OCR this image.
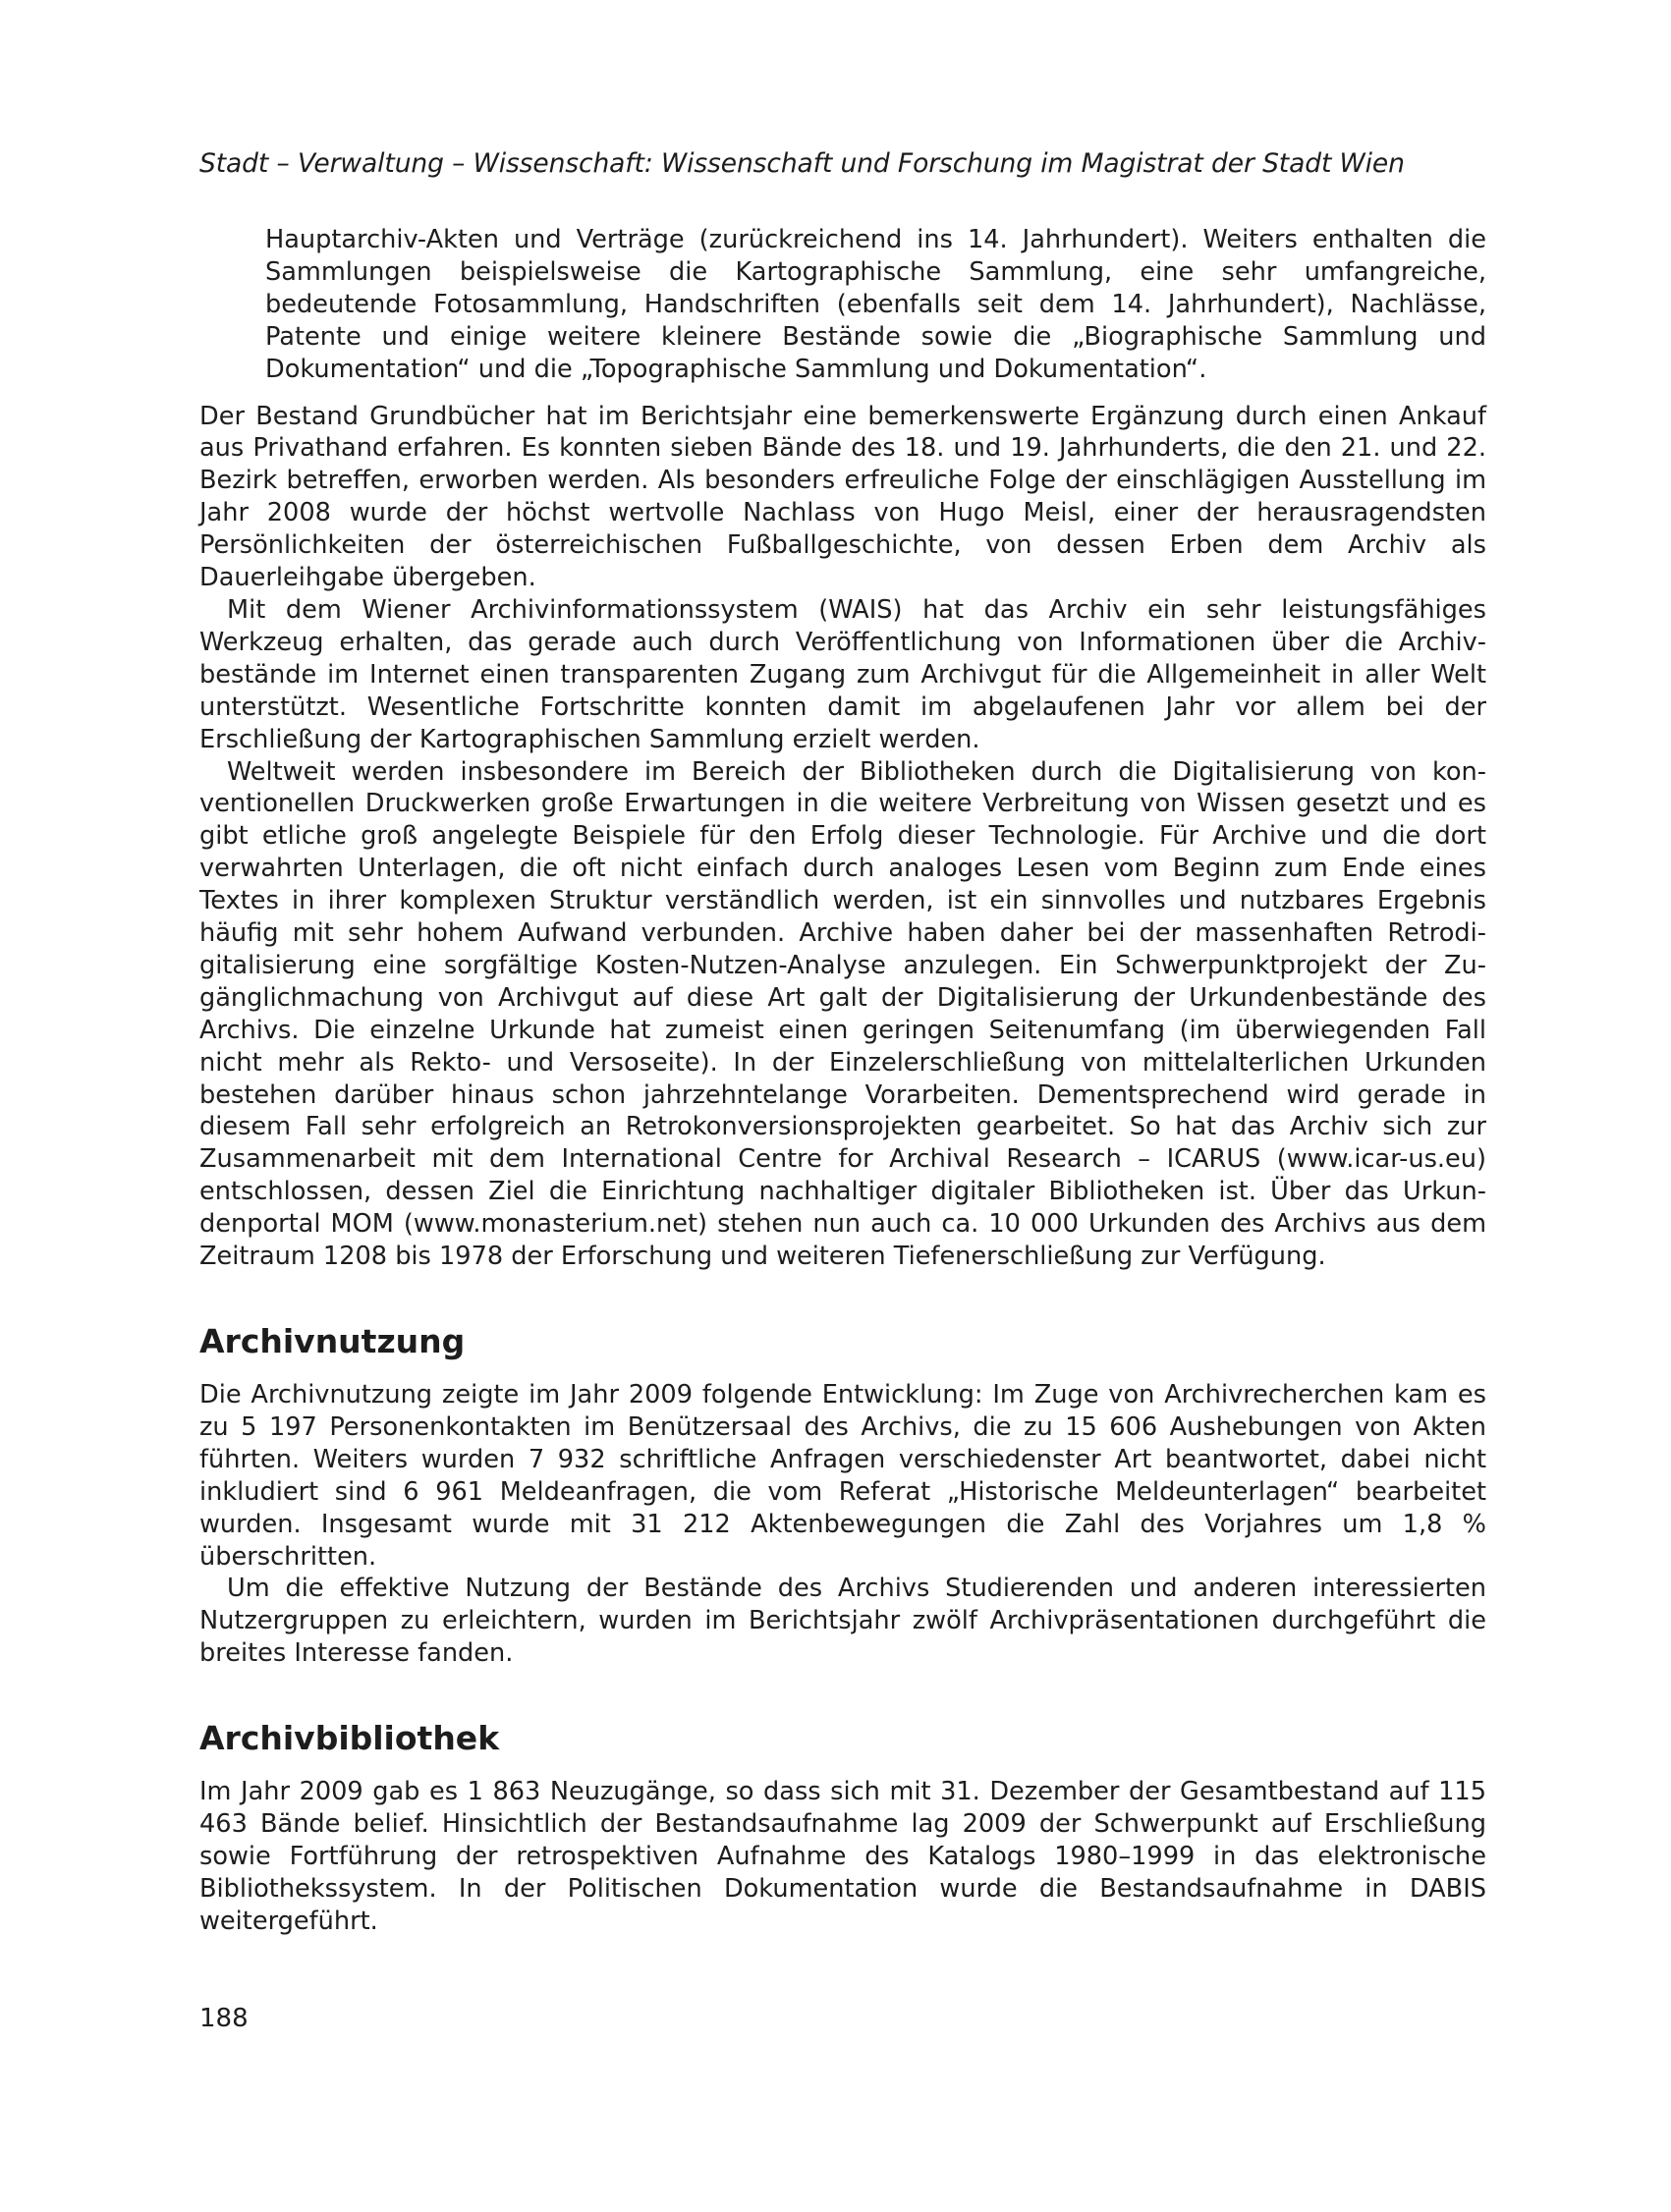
Stadt – Verwaltung – Wissenschaft: Wissenschaft und Forschung im Magistrat der Stadt Wien

Hauptarchiv-Akten und Verträge (zurückreichend ins 14. Jahrhundert). Weiters enthalten die Sammlungen beispielsweise die Kartographische Sammlung, eine sehr umfangreiche, bedeutende Fotosammlung, Handschriften (ebenfalls seit dem 14. Jahrhundert), Nachlässe, Patente und einige weitere kleinere Bestände sowie die „Biographische Sammlung und Dokumentation“ und die „Topographische Sammlung und Dokumentation“.

Der Bestand Grundbücher hat im Berichtsjahr eine bemerkenswerte Ergänzung durch einen Ankauf aus Privathand erfahren. Es konnten sieben Bände des 18. und 19. Jahrhunderts, die den 21. und 22. Bezirk betreffen, erworben werden. Als besonders erfreuliche Folge der einschlägigen Ausstellung im Jahr 2008 wurde der höchst wertvolle Nachlass von Hugo Meisl, einer der herausragendsten Persönlichkeiten der österreichischen Fußballgeschichte, von dessen Erben dem Archiv als Dauerleihgabe übergeben.

Mit dem Wiener Archivinformationssystem (WAIS) hat das Archiv ein sehr leistungsfähiges Werkzeug erhalten, das gerade auch durch Veröffentlichung von Informationen über die Archivbestände im Internet einen transparenten Zugang zum Archivgut für die Allgemeinheit in aller Welt unterstützt. Wesentliche Fortschritte konnten damit im abgelaufenen Jahr vor allem bei der Erschließung der Kartographischen Sammlung erzielt werden.

Weltweit werden insbesondere im Bereich der Bibliotheken durch die Digitalisierung von konventionellen Druckwerken große Erwartungen in die weitere Verbreitung von Wissen gesetzt und es gibt etliche groß angelegte Beispiele für den Erfolg dieser Technologie. Für Archive und die dort verwahrten Unterlagen, die oft nicht einfach durch analoges Lesen vom Beginn zum Ende eines Textes in ihrer komplexen Struktur verständlich werden, ist ein sinnvolles und nutzbares Ergebnis häufig mit sehr hohem Aufwand verbunden. Archive haben daher bei der massenhaften Retrodigitalisierung eine sorgfältige Kosten-Nutzen-Analyse anzulegen. Ein Schwerpunktprojekt der Zugänglichmachung von Archivgut auf diese Art galt der Digitalisierung der Urkundenbestände des Archivs. Die einzelne Urkunde hat zumeist einen geringen Seitenumfang (im überwiegenden Fall nicht mehr als Rekto- und Versoseite). In der Einzelerschließung von mittelalterlichen Urkunden bestehen darüber hinaus schon jahrzehntelange Vorarbeiten. Dementsprechend wird gerade in diesem Fall sehr erfolgreich an Retrokonversionsprojekten gearbeitet. So hat das Archiv sich zur Zusammenarbeit mit dem International Centre for Archival Research – ICARUS (www.icar-us.eu) entschlossen, dessen Ziel die Einrichtung nachhaltiger digitaler Bibliotheken ist. Über das Urkundenportal MOM (www.monasterium.net) stehen nun auch ca. 10 000 Urkunden des Archivs aus dem Zeitraum 1208 bis 1978 der Erforschung und weiteren Tiefenerschließung zur Verfügung.

Archivnutzung

Die Archivnutzung zeigte im Jahr 2009 folgende Entwicklung: Im Zuge von Archivrecherchen kam es zu 5 197 Personenkontakten im Benützersaal des Archivs, die zu 15 606 Aushebungen von Akten führten. Weiters wurden 7 932 schriftliche Anfragen verschiedenster Art beantwortet, dabei nicht inkludiert sind 6 961 Meldeanfragen, die vom Referat „Historische Meldeunterlagen“ bearbeitet wurden. Insgesamt wurde mit 31 212 Aktenbewegungen die Zahl des Vorjahres um 1,8 % überschritten.

Um die effektive Nutzung der Bestände des Archivs Studierenden und anderen interessierten Nutzergruppen zu erleichtern, wurden im Berichtsjahr zwölf Archivpräsentationen durchgeführt die breites Interesse fanden.

Archivbibliothek

Im Jahr 2009 gab es 1 863 Neuzugänge, so dass sich mit 31. Dezember der Gesamtbestand auf 115 463 Bände belief. Hinsichtlich der Bestandsaufnahme lag 2009 der Schwerpunkt auf Erschließung sowie Fortführung der retrospektiven Aufnahme des Katalogs 1980–1999 in das elektronische Bibliothekssystem. In der Politischen Dokumentation wurde die Bestandsaufnahme in DABIS weitergeführt.

188
